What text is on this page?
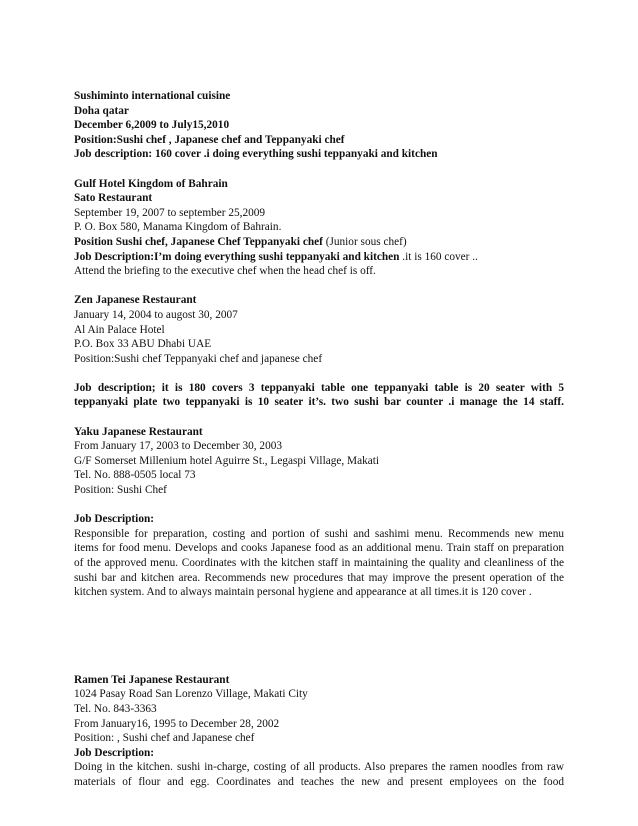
Sushiminto international cuisine
Doha qatar
December 6,2009 to July15,2010
Position:Sushi chef , Japanese chef and Teppanyaki chef
Job description: 160 cover .i doing everything sushi teppanyaki and kitchen
Gulf Hotel Kingdom of Bahrain
Sato Restaurant
September 19, 2007 to september 25,2009
P. O. Box 580, Manama Kingdom of Bahrain.
Position Sushi chef, Japanese Chef Teppanyaki chef (Junior sous chef)
Job Description:I’m doing everything sushi teppanyaki and kitchen .it is 160 cover ..
Attend the briefing to the executive chef when the head chef is off.
Zen Japanese Restaurant
January 14, 2004 to augost 30, 2007
Al Ain Palace Hotel
P.O. Box 33 ABU Dhabi UAE
Position:Sushi chef Teppanyaki chef and japanese chef
Job description; it is 180 covers 3 teppanyaki table one teppanyaki table is 20 seater with 5
teppanyaki plate two teppanyaki is 10 seater it’s. two sushi bar counter .i manage the 14 staff.
Yaku Japanese Restaurant
From January 17, 2003 to December 30, 2003
G/F Somerset Millenium hotel Aguirre St., Legaspi Village, Makati
Tel. No. 888-0505 local 73
Position: Sushi Chef
Job Description:
Responsible for preparation, costing and portion of sushi and sashimi menu. Recommends new menu
items for food menu. Develops and cooks Japanese food as an additional menu. Train staff on preparation
of the approved menu. Coordinates with the kitchen staff in maintaining the quality and cleanliness of the
sushi bar and kitchen area. Recommends new procedures that may improve the present operation of the
kitchen system. And to always maintain personal hygiene and appearance at all times.it is 120 cover .
Ramen Tei Japanese Restaurant
1024 Pasay Road San Lorenzo Village, Makati City
Tel. No. 843-3363
From January16, 1995 to December 28, 2002
Position: , Sushi chef and Japanese chef
Job Description:
Doing in the kitchen. sushi in-charge, costing of all products. Also prepares the ramen noodles from raw
materials of flour and egg. Coordinates and teaches the new and present employees on the food
